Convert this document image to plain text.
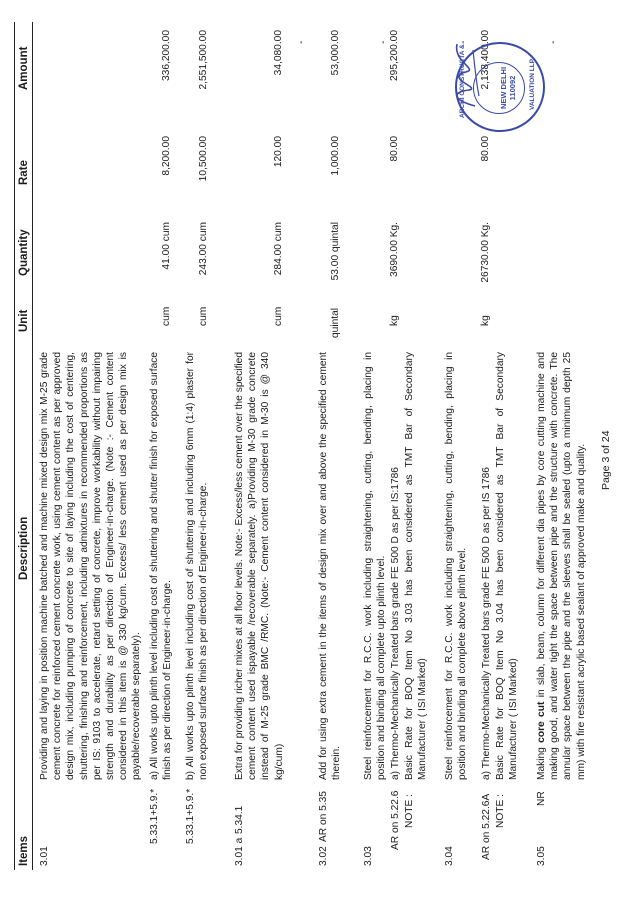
Items
Description
Unit
Quantity
Rate
Amount
3.01
Providing and laying in position machine batched and machine mixed design mix M-25 grade cement concrete for reinforced cement concrete work, using cement content as per approved design mix, including pumping of concrete to site of laying including the cost of centering, shuttering, finishing and reinforcement, including admixtures in recommended proportions as per IS: 9103 to accelerate, retard setting of concrete, improve workability without impairing strength and durability as per direction of Engineer-in-charge. (Note :- Cement content considered in this item is @ 330 kg/cum. Excess/ less cement used as per design mix is payable/recoverable separately).
5.33.1+5.9.*
a) All works upto plinth level including cost of shuttering and shutter finish for exposed surface finish as per direction of Engineer-in-charge.
cum
41.00 cum
8,200.00
336,200.00
5.33.1+5.9.*
b) All works upto plinth level including cost of shuttering and including 6mm (1:4) plaster for non exposed surface finish as per direction of Engineer-in-charge.
cum
243.00 cum
10,500.00
2,551,500.00
3.01 a
5.34.1
Extra for providing richer mixes at all floor levels. Note:- Excess/less cement over the specified cement content used ispayable /recoverable separately. a)Providing M-30 grade concrete instead of M-25 grade BMC /RMC. (Note:- Cement content considered in M-30 is @ 340 kg/cum)
cum
284.00 cum
120.00
34,080.00 -
3.02
AR on 5.35
Add for using extra cement in the items of design mix over and above the specified cement therein.
quintal
53.00 quintal
1,000.00
53,000.00
3.03
Steel reinforcement for R.C.C. work including straightening, cutting, bending, placing in position and binding all complete upto plinth level.
-
AR on 5.22.6
a) Thermo-Mechanically Treated bars grade FE 500 D as per IS:1786
kg
3690.00 Kg.
80.00
295,200.00
NOTE :
Basic Rate for BOQ Item No 3.03 has been considered as TMT Bar of Secondary Manufacturer ( ISI Marked)
3.04
Steel reinforcement for R.C.C. work including straightening, cutting, bending, placing in position and binding all complete above plinth level.
-
AR on 5.22.6A
a) Thermo-Mechanically Treated bars grade FE 500 D as per IS 1786
kg
26730.00 Kg.
80.00
2,138,400.00
NOTE :
Basic Rate for BOQ Item No 3.04 has been considered as TMT Bar of Secondary Manufacturer ( ISI Marked)
3.05
NR
Making core cut in slab, beam, column for different dia pipes by core cutting machine and making good, and water tight the space between pipe and the structure with concrete. The annular space between the pipe and the sleeves shall be sealed (upto a minimum depth 25 mm) with fire resistant acrylic based sealant of approved make and quality.
-
ARCHI CONSTRUCTA &	NEW DELHI
110092 VALUATION LLP
Page 3 of 24
